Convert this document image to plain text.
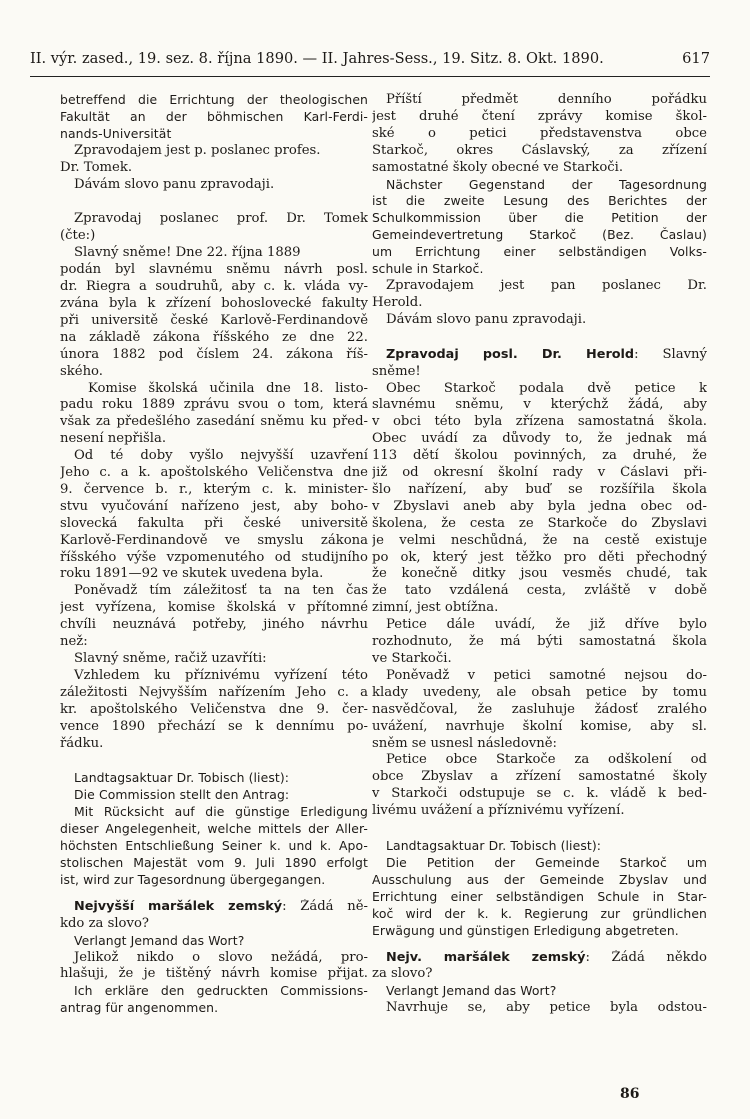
II. výr. zased., 19. sez. 8. října 1890. — II. Jahres-Sess., 19. Sitz. 8. Okt. 1890.	617
betreffend die Errichtung der theologischen
Fakultät an der böhmischen Karl-Ferdi-
nands-Universität
Zpravodajem jest p. poslanec profes.
Dr. Tomek.
Dávám slovo panu zpravodaji.
Zpravodaj poslanec prof. Dr. Tomek
(čte:)
Slavný sněme! Dne 22. října 1889
podán byl slavnému sněmu návrh posl.
dr. Riegra a soudruhů, aby c. k. vláda vy-
zvána byla k zřízení bohoslovecké fakulty
při universitě české Karlově-Ferdinandově
na základě zákona říšského ze dne 22.
února 1882 pod číslem 24. zákona říš-
ského.
Komise školská učinila dne 18. listo-
padu roku 1889 zprávu svou o tom, která
však za předešlého zasedání sněmu ku před-
nesení nepřišla.
Od té doby vyšlo nejvyšší uzavření
Jeho c. a k. apoštolského Veličenstva dne
9. července b. r., kterým c. k. minister-
stvu vyučování nařízeno jest, aby boho-
slovecká fakulta při české universitě
Karlově-Ferdinandově ve smyslu zákona
říšského výše vzpomenutého od studijního
roku 1891—92 ve skutek uvedena byla.
Poněvadž tím záležitosť ta na ten čas
jest vyřízena, komise školská v přítomné
chvíli neuznává potřeby, jiného návrhu
než:
Slavný sněme, račiž uzavříti:
Vzhledem ku příznivému vyřízení této
záležitosti Nejvyšším nařízením Jeho c. a
kr. apoštolského Veličenstva dne 9. čer-
vence 1890 přechází se k dennímu po-
řádku.
Landtagsaktuar Dr. Tobisch (liest):
Die Commission stellt den Antrag:
Mit Rücksicht auf die günstige Erledigung
dieser Angelegenheit, welche mittels der Aller-
höchsten Entschließung Seiner k. und k. Apo-
stolischen Majestät vom 9. Juli 1890 erfolgt
ist, wird zur Tagesordnung übergegangen.
Nejvyšší maršálek zemský: Žádá ně-
kdo za slovo?
Verlangt Jemand das Wort?
Jelikož nikdo o slovo nežádá, pro-
hlašuji, že je tištěný návrh komise přijat.
Ich erkläre den gedruckten Commissions-
antrag für angenommen.
Příští předmět denního pořádku
jest druhé čtení zprávy komise škol-
ské o petici představenstva obce
Starkoč, okres Čáslavský, za zřízení
samostatné školy obecné ve Starkoči.
Nächster Gegenstand der Tagesordnung
ist die zweite Lesung des Berichtes der
Schulkommission über die Petition der
Gemeindevertretung Starkoč (Bez. Časlau)
um Errichtung einer selbständigen Volks-
schule in Starkoč.
Zpravodajem jest pan poslanec Dr.
Herold.
Dávám slovo panu zpravodaji.
Zpravodaj posl. Dr. Herold: Slavný
sněme!
Obec Starkoč podala dvě petice k
slavnému sněmu, v kterýchž žádá, aby
v obci této byla zřízena samostatná škola.
Obec uvádí za důvody to, že jednak má
113 dětí školou povinných, za druhé, že
již od okresní školní rady v Čáslavi při-
šlo nařízení, aby buď se rozšířila škola
v Zbyslavi aneb aby byla jedna obec od-
školena, že cesta ze Starkoče do Zbyslavi
je velmi neschůdná, že na cestě existuje
po ok, který jest těžko pro děti přechodný
že konečně ditky jsou vesměs chudé, tak
že tato vzdálená cesta, zvláště v době
zimní, jest obtížna.
Petice dále uvádí, že již dříve bylo
rozhodnuto, že má býti samostatná škola
ve Starkoči.
Poněvadž v petici samotné nejsou do-
klady uvedeny, ale obsah petice by tomu
nasvědčoval, že zasluhuje žádosť zralého
uvážení, navrhuje školní komise, aby sl.
sněm se usnesl následovně:
Petice obce Starkoče za odškolení od
obce Zbyslav a zřízení samostatné školy
v Starkoči odstupuje se c. k. vládě k bed-
livému uvážení a příznivému vyřízení.
Landtagsaktuar Dr. Tobisch (liest):
Die Petition der Gemeinde Starkoč um
Ausschulung aus der Gemeinde Zbyslav und
Errichtung einer selbständigen Schule in Star-
koč wird der k. k. Regierung zur gründlichen
Erwägung und günstigen Erledigung abgetreten.
Nejv. maršálek zemský: Žádá někdo
za slovo?
Verlangt Jemand das Wort?
Navrhuje se, aby petice byla odstou-
86
